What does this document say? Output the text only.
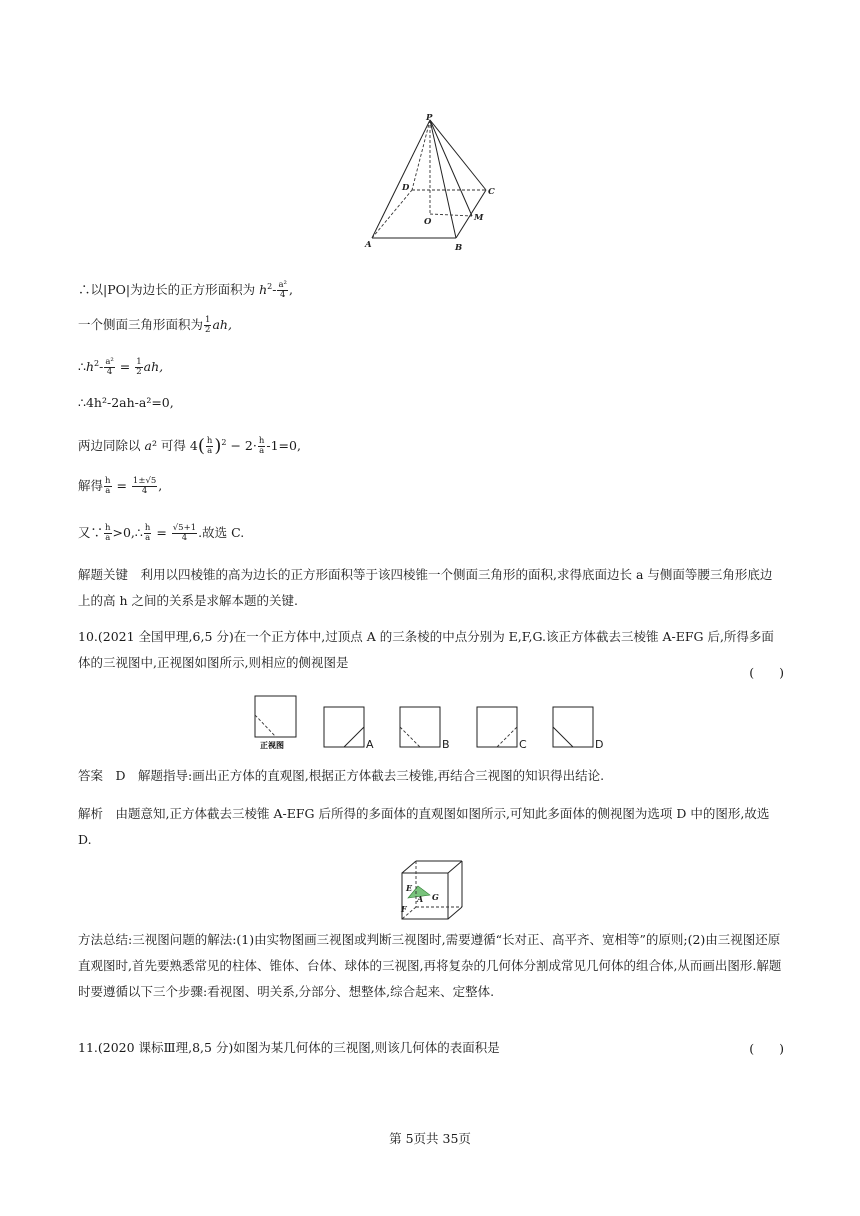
P
D	C
O	M
A	B
∴以|PO|为边长的正方形面积为 $h^2- \frac{\text{a²}}{4}$ ,
一个侧面三角形面积为 $\frac{1}{2}$ ah,
$\therefore h^2- \frac{\text{a²}}{4} = \frac{1}{2}$ ah,
∴4h²-2ah-a²=0,
两边同除以 a² 可得 $4( \frac{h}{a} )^2 - 2\cdot \frac{h}{a} -1=0$,
解得 $\frac{h}{a} = \frac{1\pm√5}{4}$ ,
又∵ $\frac{h}{a}$ >0,∴ $\frac{h}{a} = \frac{√5+1}{4}$ .故选 C.
解题关键　利用以四棱锥的高为边长的正方形面积等于该四棱锥一个侧面三角形的面积,求得底面边长 a 与侧面等腰三角形底边上的高 h 之间的关系是求解本题的关键.
10.(2021 全国甲理,6,5 分)在一个正方体中,过顶点 A 的三条棱的中点分别为 E,F,G.该正方体截去三棱锥 A-EFG 后,所得多面体的三视图中,正视图如图所示,则相应的侧视图是
(　　)
正视图	A	B	C	D
答案　D　解题指导:画出正方体的直观图,根据正方体截去三棱锥,再结合三视图的知识得出结论.
解析　由题意知,正方体截去三棱锥 A-EFG 后所得的多面体的直观图如图所示,可知此多面体的侧视图为选项 D 中的图形,故选 D.
E
F
G
A
方法总结:三视图问题的解法:(1)由实物图画三视图或判断三视图时,需要遵循“长对正、高平齐、宽相等”的原则;(2)由三视图还原直观图时,首先要熟悉常见的柱体、锥体、台体、球体的三视图,再将复杂的几何体分割成常见几何体的组合体,从而画出图形.解题时要遵循以下三个步骤:看视图、明关系,分部分、想整体,综合起来、定整体.
11.(2020 课标Ⅲ理,8,5 分)如图为某几何体的三视图,则该几何体的表面积是	(　　)
第 5页共 35页
